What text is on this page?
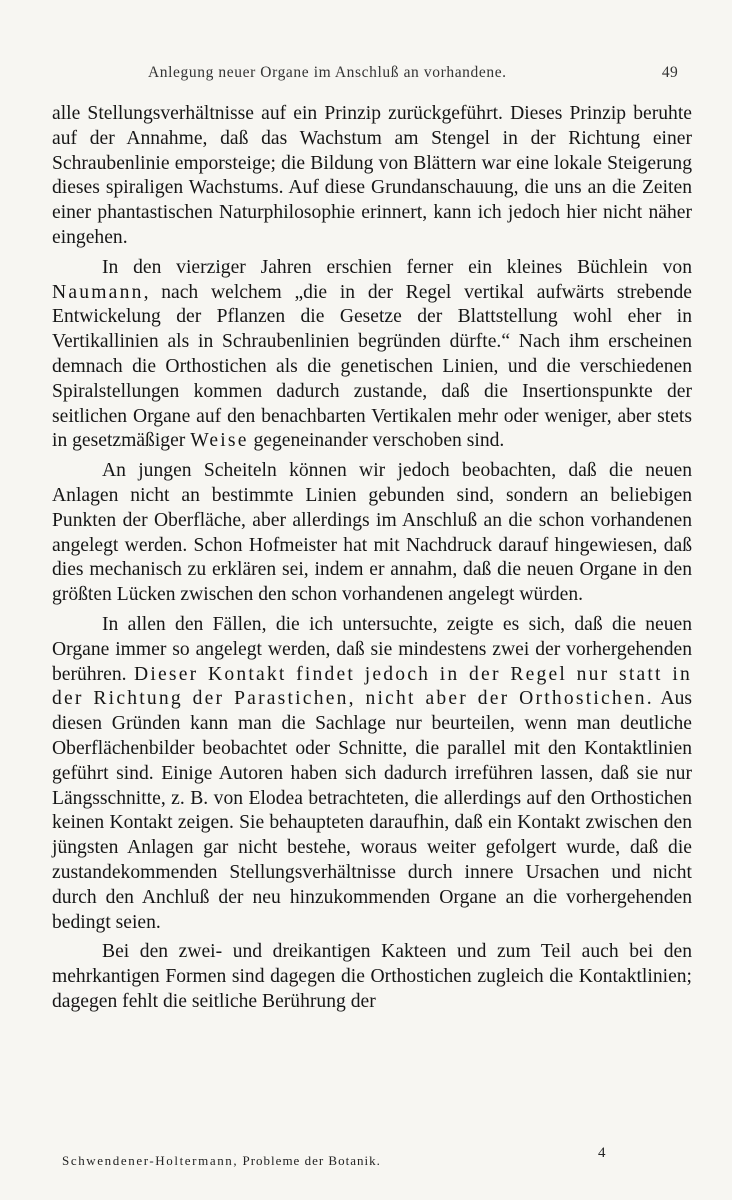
Anlegung neuer Organe im Anschluß an vorhandene.	49

alle Stellungsverhältnisse auf ein Prinzip zurückgeführt. Dieses Prinzip beruhte auf der Annahme, daß das Wachstum am Stengel in der Richtung einer Schraubenlinie emporsteige; die Bildung von Blättern war eine lokale Steigerung dieses spiraligen Wachstums. Auf diese Grundanschauung, die uns an die Zeiten einer phantastischen Naturphilosophie erinnert, kann ich jedoch hier nicht näher eingehen.

In den vierziger Jahren erschien ferner ein kleines Büchlein von Naumann, nach welchem „die in der Regel vertikal aufwärts strebende Entwickelung der Pflanzen die Gesetze der Blattstellung wohl eher in Vertikallinien als in Schraubenlinien begründen dürfte.“ Nach ihm erscheinen demnach die Orthostichen als die genetischen Linien, und die verschiedenen Spiralstellungen kommen dadurch zustande, daß die Insertionspunkte der seitlichen Organe auf den benachbarten Vertikalen mehr oder weniger, aber stets in gesetzmäßiger Weise gegeneinander verschoben sind.

An jungen Scheiteln können wir jedoch beobachten, daß die neuen Anlagen nicht an bestimmte Linien gebunden sind, sondern an beliebigen Punkten der Oberfläche, aber allerdings im Anschluß an die schon vorhandenen angelegt werden. Schon Hofmeister hat mit Nachdruck darauf hingewiesen, daß dies mechanisch zu erklären sei, indem er annahm, daß die neuen Organe in den größten Lücken zwischen den schon vorhandenen angelegt würden.

In allen den Fällen, die ich untersuchte, zeigte es sich, daß die neuen Organe immer so angelegt werden, daß sie mindestens zwei der vorhergehenden berühren. Dieser Kontakt findet jedoch in der Regel nur statt in der Richtung der Parastichen, nicht aber der Orthostichen. Aus diesen Gründen kann man die Sachlage nur beurteilen, wenn man deutliche Oberflächenbilder beobachtet oder Schnitte, die parallel mit den Kontaktlinien geführt sind. Einige Autoren haben sich dadurch irreführen lassen, daß sie nur Längsschnitte, z. B. von Elodea betrachteten, die allerdings auf den Orthostichen keinen Kontakt zeigen. Sie behaupteten daraufhin, daß ein Kontakt zwischen den jüngsten Anlagen gar nicht bestehe, woraus weiter gefolgert wurde, daß die zustandekommenden Stellungsverhältnisse durch innere Ursachen und nicht durch den Anchluß der neu hinzukommenden Organe an die vorhergehenden bedingt seien.

Bei den zwei- und dreikantigen Kakteen und zum Teil auch bei den mehrkantigen Formen sind dagegen die Orthostichen zugleich die Kontaktlinien; dagegen fehlt die seitliche Berührung der

Schwendener-Holtermann, Probleme der Botanik.	4
